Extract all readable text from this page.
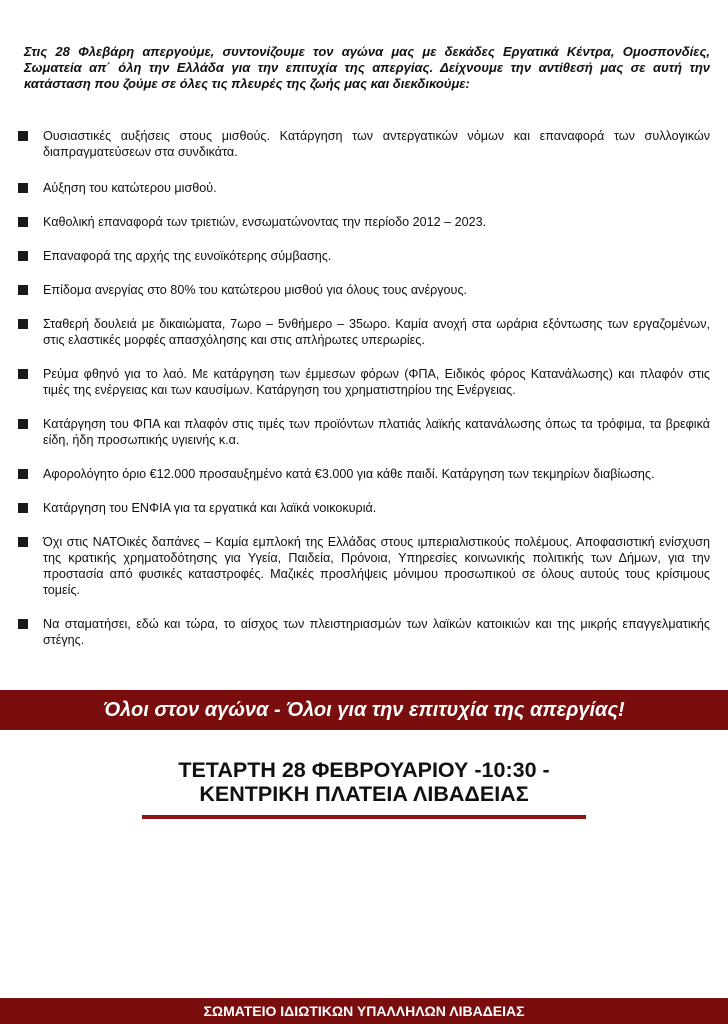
Στις 28 Φλεβάρη απεργούμε, συντονίζουμε τον αγώνα μας με δεκάδες Εργατικά Κέντρα, Ομοσπονδίες, Σωματεία απ΄ όλη την Ελλάδα για την επιτυχία της απεργίας. Δείχνουμε την αντίθεσή μας σε αυτή την κατάσταση που ζούμε σε όλες τις πλευρές της ζωής μας και διεκδικούμε:

Ουσιαστικές αυξήσεις στους μισθούς. Κατάργηση των αντεργατικών νόμων και επαναφορά των συλλογικών διαπραγματεύσεων στα συνδικάτα.
Αύξηση του κατώτερου μισθού.
Καθολική επαναφορά των τριετιών, ενσωματώνοντας την περίοδο 2012 – 2023.
Επαναφορά της αρχής της ευνοϊκότερης σύμβασης.
Επίδομα ανεργίας στο 80% του κατώτερου μισθού για όλους τους ανέργους.
Σταθερή δουλειά με δικαιώματα, 7ωρο – 5νθήμερο – 35ωρο. Καμία ανοχή στα ωράρια εξόντωσης των εργαζομένων, στις ελαστικές μορφές απασχόλησης και στις απλήρωτες υπερωρίες.
Ρεύμα φθηνό για το λαό. Με κατάργηση των έμμεσων φόρων (ΦΠΑ, Ειδικός φόρος Κατανάλωσης) και πλαφόν στις τιμές της ενέργειας και των καυσίμων. Κατάργηση του χρηματιστηρίου της Ενέργειας.
Κατάργηση του ΦΠΑ και πλαφόν στις τιμές των προϊόντων πλατιάς λαϊκής κατανάλωσης όπως τα τρόφιμα, τα βρεφικά είδη, ήδη προσωπικής υγιεινής κ.α.
Αφορολόγητο όριο €12.000 προσαυξημένο κατά €3.000 για κάθε παιδί. Κατάργηση των τεκμηρίων διαβίωσης.
Κατάργηση του ΕΝΦΙΑ για τα εργατικά και λαϊκά νοικοκυριά.
Όχι στις ΝΑΤΟικές δαπάνες – Καμία εμπλοκή της Ελλάδας στους ιμπεριαλιστικούς πολέμους. Αποφασιστική ενίσχυση της κρατικής χρηματοδότησης για Υγεία, Παιδεία, Πρόνοια, Υπηρεσίες κοινωνικής πολιτικής των Δήμων, για την προστασία από φυσικές καταστροφές. Μαζικές προσλήψεις μόνιμου προσωπικού σε όλους αυτούς τους κρίσιμους τομείς.
Να σταματήσει, εδώ και τώρα, το αίσχος των πλειστηριασμών των λαϊκών κατοικιών και της μικρής επαγγελματικής στέγης.
Όλοι στον αγώνα - Όλοι για την επιτυχία της απεργίας!
ΤΕΤΑΡΤΗ 28 ΦΕΒΡΟΥΑΡΙΟΥ -10:30 -
ΚΕΝΤΡΙΚΗ ΠΛΑΤΕΙΑ ΛΙΒΑΔΕΙΑΣ
ΣΩΜΑΤΕΙΟ ΙΔΙΩΤΙΚΩΝ ΥΠΑΛΛΗΛΩΝ ΛΙΒΑΔΕΙΑΣ
